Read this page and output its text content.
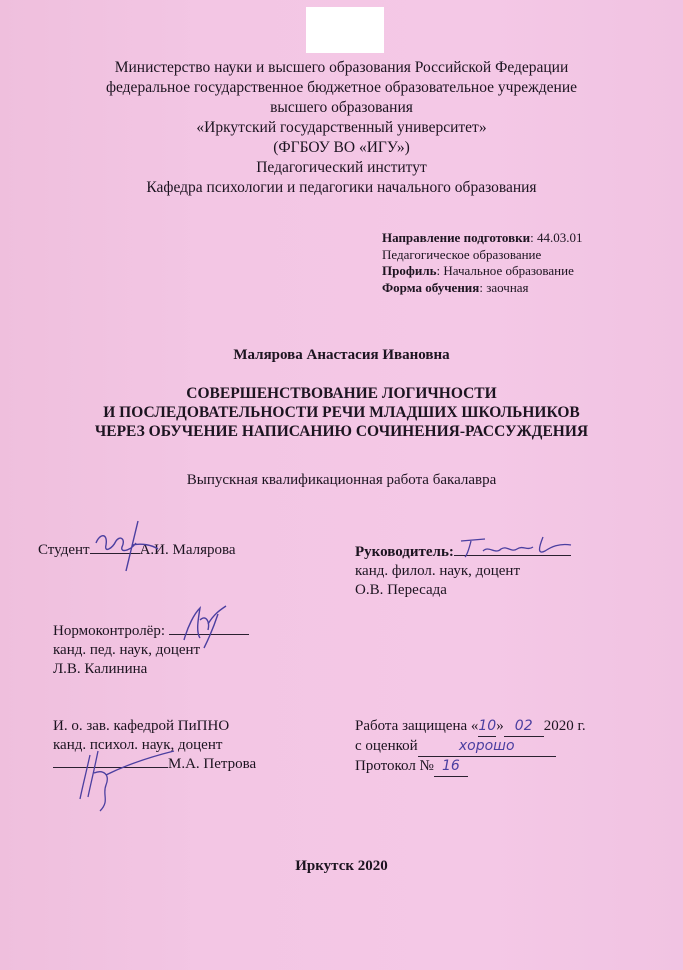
Министерство науки и высшего образования Российской Федерации
федеральное государственное бюджетное образовательное учреждение
высшего образования
«Иркутский государственный университет»
(ФГБОУ ВО «ИГУ»)
Педагогический институт
Кафедра психологии и педагогики начального образования
Направление подготовки: 44.03.01
Педагогическое образование
Профиль: Начальное образование
Форма обучения: заочная
Малярова Анастасия Ивановна
СОВЕРШЕНСТВОВАНИЕ ЛОГИЧНОСТИ
И ПОСЛЕДОВАТЕЛЬНОСТИ РЕЧИ МЛАДШИХ ШКОЛЬНИКОВ
ЧЕРЕЗ ОБУЧЕНИЕ НАПИСАНИЮ СОЧИНЕНИЯ-РАССУЖДЕНИЯ
Выпускная квалификационная работа бакалавра
Студент	А.И. Малярова	Руководитель:
канд. филол. наук, доцент
О.В. Пересада
Нормоконтролёр:
канд. пед. наук, доцент
Л.В. Калинина
И. о. зав. кафедрой ПиПНО
канд. психол. наук, доцент
М.А. Петрова
Работа защищена «10» 02 2020 г.
с оценкой	хорошо
Протокол № 16
Иркутск 2020
